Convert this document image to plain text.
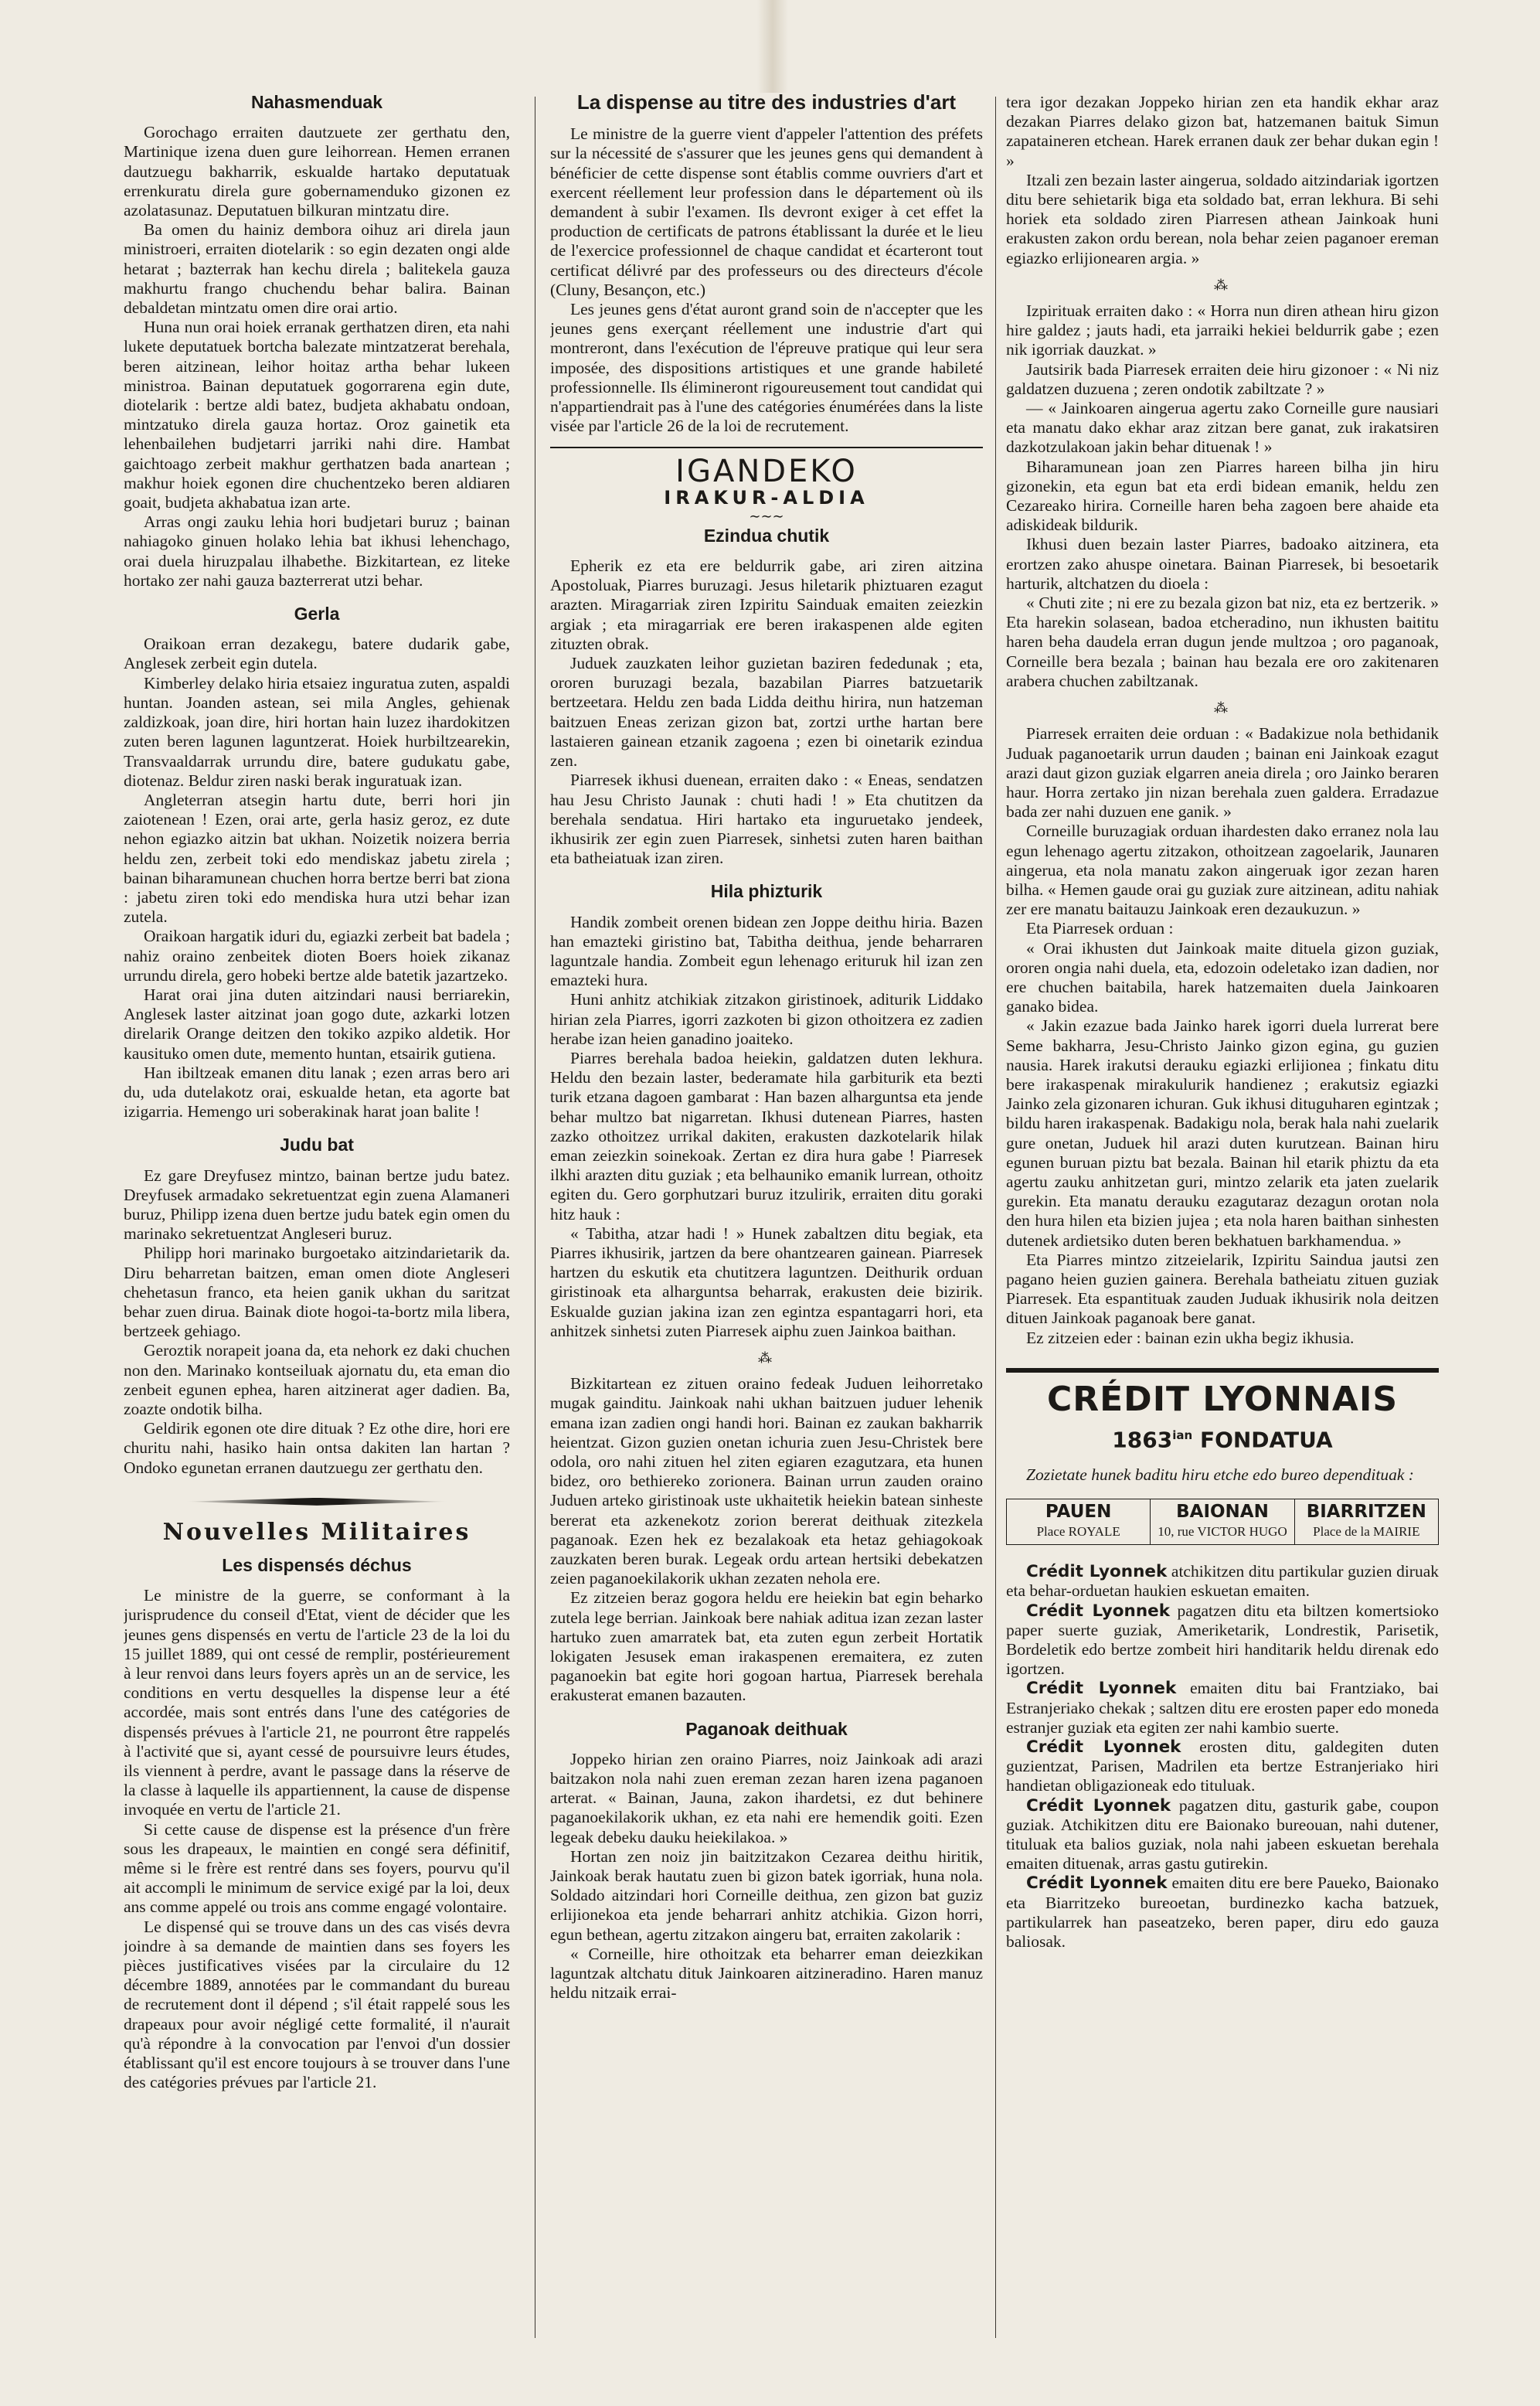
Nahasmenduak

Gorochago erraiten dautzuete zer gerthatu den, Martinique izena duen gure leihorrean. Hemen erranen dautzuegu bakharrik, eskualde hartako deputatuak errenkuratu direla gure gobernamenduko gizonen ez azolatasunaz. Deputatuen bilkuran mintzatu dire.

Ba omen du hainiz dembora oihuz ari direla jaun ministroeri, erraiten diotelarik : so egin dezaten ongi alde hetarat ; bazterrak han kechu direla ; balitekela gauza makhurtu frango chuchendu behar balira. Bainan debaldetan mintzatu omen dire orai artio.

Huna nun orai hoiek erranak gerthatzen diren, eta nahi lukete deputatuek bortcha balezate mintzatzerat berehala, beren aitzinean, leihor hoitaz artha behar lukeen ministroa. Bainan deputatuek gogorrarena egin dute, diotelarik : bertze aldi batez, budjeta akhabatu ondoan, mintzatuko direla gauza hortaz. Oroz gainetik eta lehenbailehen budjetarri jarriki nahi dire. Hambat gaichtoago zerbeit makhur gerthatzen bada anartean ; makhur hoiek egonen dire chuchentzeko beren aldiaren goait, budjeta akhabatua izan arte.

Arras ongi zauku lehia hori budjetari buruz ; bainan nahiagoko ginuen holako lehia bat ikhusi lehenchago, orai duela hiruzpalau ilhabethe. Bizkitartean, ez liteke hortako zer nahi gauza bazterrerat utzi behar.

Gerla

Oraikoan erran dezakegu, batere dudarik gabe, Anglesek zerbeit egin dutela.

Kimberley delako hiria etsaiez inguratua zuten, aspaldi huntan. Joanden astean, sei mila Angles, gehienak zaldizkoak, joan dire, hiri hortan hain luzez ihardokitzen zuten beren lagunen laguntzerat. Hoiek hurbiltzearekin, Transvaaldarrak urrundu dire, batere gudukatu gabe, diotenaz. Beldur ziren naski berak inguratuak izan.

Angleterran atsegin hartu dute, berri hori jin zaiotenean ! Ezen, orai arte, gerla hasiz geroz, ez dute nehon egiazko aitzin bat ukhan. Noizetik noizera berria heldu zen, zerbeit toki edo mendiskaz jabetu zirela ; bainan biharamunean chuchen horra bertze berri bat ziona : jabetu ziren toki edo mendiska hura utzi behar izan zutela.

Oraikoan hargatik iduri du, egiazki zerbeit bat badela ; nahiz oraino zenbeitek dioten Boers hoiek zikanaz urrundu direla, gero hobeki bertze alde batetik jazartzeko.

Harat orai jina duten aitzindari nausi berriarekin, Anglesek laster aitzinat joan gogo dute, azkarki lotzen direlarik Orange deitzen den tokiko azpiko aldetik. Hor kausituko omen dute, memento huntan, etsairik gutiena.

Han ibiltzeak emanen ditu lanak ; ezen arras bero ari du, uda dutelakotz orai, eskualde hetan, eta agorte bat izigarria. Hemengo uri soberakinak harat joan balite !

Judu bat

Ez gare Dreyfusez mintzo, bainan bertze judu batez. Dreyfusek armadako sekretuentzat egin zuena Alamaneri buruz, Philipp izena duen bertze judu batek egin omen du marinako sekretuentzat Angleseri buruz.

Philipp hori marinako burgoetako aitzindarietarik da. Diru beharretan baitzen, eman omen diote Angleseri chehetasun franco, eta heien ganik ukhan du saritzat behar zuen dirua. Bainak diote hogoi-ta-bortz mila libera, bertzeek gehiago.

Geroztik norapeit joana da, eta nehork ez daki chuchen non den. Marinako kontseiluak ajornatu du, eta eman dio zenbeit egunen ephea, haren aitzinerat ager dadien. Ba, zoazte ondotik bilha.

Geldirik egonen ote dire dituak ? Ez othe dire, hori ere churitu nahi, hasiko hain ontsa dakiten lan hartan ? Ondoko egunetan erranen dautzuegu zer gerthatu den.

Nouvelles Militaires
Les dispensés déchus

Le ministre de la guerre, se conformant à la jurisprudence du conseil d'Etat, vient de décider que les jeunes gens dispensés en vertu de l'article 23 de la loi du 15 juillet 1889, qui ont cessé de remplir, postérieurement à leur renvoi dans leurs foyers après un an de service, les conditions en vertu desquelles la dispense leur a été accordée, mais sont entrés dans l'une des catégories de dispensés prévues à l'article 21, ne pourront être rappelés à l'activité que si, ayant cessé de poursuivre leurs études, ils viennent à perdre, avant le passage dans la réserve de la classe à laquelle ils appartiennent, la cause de dispense invoquée en vertu de l'article 21.

Si cette cause de dispense est la présence d'un frère sous les drapeaux, le maintien en congé sera définitif, même si le frère est rentré dans ses foyers, pourvu qu'il ait accompli le minimum de service exigé par la loi, deux ans comme appelé ou trois ans comme engagé volontaire.

Le dispensé qui se trouve dans un des cas visés devra joindre à sa demande de maintien dans ses foyers les pièces justificatives visées par la circulaire du 12 décembre 1889, annotées par le commandant du bureau de recrutement dont il dépend ; s'il était rappelé sous les drapeaux pour avoir négligé cette formalité, il n'aurait qu'à répondre à la convocation par l'envoi d'un dossier établissant qu'il est encore toujours à se trouver dans l'une des catégories prévues par l'article 21.

La dispense au titre des industries d'art

Le ministre de la guerre vient d'appeler l'attention des préfets sur la nécessité de s'assurer que les jeunes gens qui demandent à bénéficier de cette dispense sont établis comme ouvriers d'art et exercent réellement leur profession dans le département où ils demandent à subir l'examen. Ils devront exiger à cet effet la production de certificats de patrons établissant la durée et le lieu de l'exercice professionnel de chaque candidat et écarteront tout certificat délivré par des professeurs ou des directeurs d'école (Cluny, Besançon, etc.)

Les jeunes gens d'état auront grand soin de n'accepter que les jeunes gens exerçant réellement une industrie d'art qui montreront, dans l'exécution de l'épreuve pratique qui leur sera imposée, des dispositions artistiques et une grande habileté professionnelle. Ils élimineront rigoureusement tout candidat qui n'appartiendrait pas à l'une des catégories énumérées dans la liste visée par l'article 26 de la loi de recrutement.

IGANDEKO
IRAKUR-ALDIA
∼∼∼
Ezindua chutik

Epherik ez eta ere beldurrik gabe, ari ziren aitzina Apostoluak, Piarres buruzagi. Jesus hiletarik phiztuaren ezagut arazten. Miragarriak ziren Izpiritu Sainduak emaiten zeiezkin argiak ; eta miragarriak ere beren irakaspenen alde egiten zituzten obrak.

Juduek zauzkaten leihor guzietan baziren fededunak ; eta, ororen buruzagi bezala, bazabilan Piarres batzuetarik bertzeetara. Heldu zen bada Lidda deithu hirira, nun hatzeman baitzuen Eneas zerizan gizon bat, zortzi urthe hartan bere lastaieren gainean etzanik zagoena ; ezen bi oinetarik ezindua zen.

Piarresek ikhusi duenean, erraiten dako : « Eneas, sendatzen hau Jesu Christo Jaunak : chuti hadi ! » Eta chutitzen da berehala sendatua. Hiri hartako eta inguruetako jendeek, ikhusirik zer egin zuen Piarresek, sinhetsi zuten haren baithan eta batheiatuak izan ziren.

Hila phizturik

Handik zombeit orenen bidean zen Joppe deithu hiria. Bazen han emazteki giristino bat, Tabitha deithua, jende beharraren laguntzale handia. Zombeit egun lehenago erituruk hil izan zen emazteki hura.

Huni anhitz atchikiak zitzakon giristinoek, aditurik Liddako hirian zela Piarres, igorri zazkoten bi gizon othoitzera ez zadien herabe izan heien ganadino joaiteko.

Piarres berehala badoa heiekin, galdatzen duten lekhura. Heldu den bezain laster, bederamate hila garbiturik eta bezti turik etzana dagoen gambarat : Han bazen alharguntsa eta jende behar multzo bat nigarretan. Ikhusi dutenean Piarres, hasten zazko othoitzez urrikal dakiten, erakusten dazkotelarik hilak eman zeiezkin soinekoak. Zertan ez dira hura gabe ! Piarresek ilkhi arazten ditu guziak ; eta belhauniko emanik lurrean, othoitz egiten du. Gero gorphutzari buruz itzulirik, erraiten ditu goraki hitz hauk :

« Tabitha, atzar hadi ! » Hunek zabaltzen ditu begiak, eta Piarres ikhusirik, jartzen da bere ohantzearen gainean. Piarresek hartzen du eskutik eta chutitzera laguntzen. Deithurik orduan giristinoak eta alharguntsa beharrak, erakusten deie bizirik. Eskualde guzian jakina izan zen egintza espantagarri hori, eta anhitzek sinhetsi zuten Piarresek aiphu zuen Jainkoa baithan.

⁂

Bizkitartean ez zituen oraino fedeak Juduen leihorretako mugak gainditu. Jainkoak nahi ukhan baitzuen juduer lehenik emana izan zadien ongi handi hori. Bainan ez zaukan bakharrik heientzat. Gizon guzien onetan ichuria zuen Jesu-Christek bere odola, oro nahi zituen hel ziten egiaren ezagutzara, eta hunen bidez, oro bethiereko zorionera. Bainan urrun zauden oraino Juduen arteko giristinoak uste ukhaitetik heiekin batean sinheste bererat eta azkenekotz zorion bererat deithuak zitezkela paganoak. Ezen hek ez bezalakoak eta hetaz gehiagokoak zauzkaten beren burak. Legeak ordu artean hertsiki debekatzen zeien paganoekilakorik ukhan zezaten nehola ere.

Ez zitzeien beraz gogora heldu ere heiekin bat egin beharko zutela lege berrian. Jainkoak bere nahiak aditua izan zezan laster hartuko zuen amarratek bat, eta zuten egun zerbeit Hortatik lokigaten Jesusek eman irakaspenen eremaitera, ez zuten paganoekin bat egite hori gogoan hartua, Piarresek berehala erakusterat emanen bazauten.

Paganoak deithuak

Joppeko hirian zen oraino Piarres, noiz Jainkoak adi arazi baitzakon nola nahi zuen ereman zezan haren izena paganoen arterat. « Bainan, Jauna, zakon ihardetsi, ez dut behinere paganoekilakorik ukhan, ez eta nahi ere hemendik goiti. Ezen legeak debeku dauku heiekilakoa. »

Hortan zen noiz jin baitzitzakon Cezarea deithu hiritik, Jainkoak berak hautatu zuen bi gizon batek igorriak, huna nola. Soldado aitzindari hori Corneille deithua, zen gizon bat guziz erlijionekoa eta jende beharrari anhitz atchikia. Gizon horri, egun bethean, agertu zitzakon aingeru bat, erraiten zakolarik :

« Corneille, hire othoitzak eta beharrer eman deiezkikan laguntzak altchatu dituk Jainkoaren aitzineradino. Haren manuz heldu nitzaik errai-

tera igor dezakan Joppeko hirian zen eta handik ekhar araz dezakan Piarres delako gizon bat, hatzemanen baituk Simun zapataineren etchean. Harek erranen dauk zer behar dukan egin ! »

Itzali zen bezain laster aingerua, soldado aitzindariak igortzen ditu bere sehietarik biga eta soldado bat, erran lekhura. Bi sehi horiek eta soldado ziren Piarresen athean Jainkoak huni erakusten zakon ordu berean, nola behar zeien paganoer ereman egiazko erlijionearen argia. »

⁂

Izpirituak erraiten dako : « Horra nun diren athean hiru gizon hire galdez ; jauts hadi, eta jarraiki hekiei beldurrik gabe ; ezen nik igorriak dauzkat. »

Jautsirik bada Piarresek erraiten deie hiru gizonoer : « Ni niz galdatzen duzuena ; zeren ondotik zabiltzate ? »

— « Jainkoaren aingerua agertu zako Corneille gure nausiari eta manatu dako ekhar araz zitzan bere ganat, zuk irakatsiren dazkotzulakoan jakin behar dituenak ! »

Biharamunean joan zen Piarres hareen bilha jin hiru gizonekin, eta egun bat eta erdi bidean emanik, heldu zen Cezareako hirira. Corneille haren beha zagoen bere ahaide eta adiskideak bildurik.

Ikhusi duen bezain laster Piarres, badoako aitzinera, eta erortzen zako ahuspe oinetara. Bainan Piarresek, bi besoetarik harturik, altchatzen du dioela :

« Chuti zite ; ni ere zu bezala gizon bat niz, eta ez bertzerik. » Eta harekin solasean, badoa etcheradino, nun ikhusten baititu haren beha daudela erran dugun jende multzoa ; oro paganoak, Corneille bera bezala ; bainan hau bezala ere oro zakitenaren arabera chuchen zabiltzanak.

⁂

Piarresek erraiten deie orduan : « Badakizue nola bethidanik Juduak paganoetarik urrun dauden ; bainan eni Jainkoak ezagut arazi daut gizon guziak elgarren aneia direla ; oro Jainko beraren haur. Horra zertako jin nizan berehala zuen galdera. Erradazue bada zer nahi duzuen ene ganik. »

Corneille buruzagiak orduan ihardesten dako erranez nola lau egun lehenago agertu zitzakon, othoitzean zagoelarik, Jaunaren aingerua, eta nola manatu zakon aingeruak igor zezan haren bilha. « Hemen gaude orai gu guziak zure aitzinean, aditu nahiak zer ere manatu baitauzu Jainkoak eren dezaukuzun. »

Eta Piarresek orduan :

« Orai ikhusten dut Jainkoak maite dituela gizon guziak, ororen ongia nahi duela, eta, edozoin odeletako izan dadien, nor ere chuchen baitabila, harek hatzemaiten duela Jainkoaren ganako bidea.

« Jakin ezazue bada Jainko harek igorri duela lurrerat bere Seme bakharra, Jesu-Christo Jainko gizon egina, gu guzien nausia. Harek irakutsi derauku egiazki erlijionea ; finkatu ditu bere irakaspenak mirakulurik handienez ; erakutsiz egiazki Jainko zela gizonaren ichuran. Guk ikhusi dituguharen egintzak ; bildu haren irakaspenak. Badakigu nola, berak hala nahi zuelarik gure onetan, Juduek hil arazi duten kurutzean. Bainan hiru egunen buruan piztu bat bezala. Bainan hil etarik phiztu da eta agertu zauku anhitzetan guri, mintzo zelarik eta jaten zuelarik gurekin. Eta manatu derauku ezagutaraz dezagun orotan nola den hura hilen eta bizien jujea ; eta nola haren baithan sinhesten dutenek ardietsiko duten beren bekhatuen barkhamendua. »

Eta Piarres mintzo zitzeielarik, Izpiritu Saindua jautsi zen pagano heien guzien gainera. Berehala batheiatu zituen guziak Piarresek. Eta espantituak zauden Juduak ikhusirik nola deitzen dituen Jainkoak paganoak bere ganat.

Ez zitzeien eder : bainan ezin ukha begiz ikhusia.

CRÉDIT LYONNAIS
$1863^{ian}$ FONDATUA

Zozietate hunek baditu hiru etche edo bureo dependituak :

PAUEN
Place ROYALE
BAIONAN
10, rue VICTOR HUGO
BIARRITZEN
Place de la MAIRIE

Crédit Lyonnek atchikitzen ditu partikular guzien diruak eta behar-orduetan haukien eskuetan emaiten.

Crédit Lyonnek pagatzen ditu eta biltzen komertsioko paper suerte guziak, Ameriketarik, Londrestik, Parisetik, Bordeletik edo bertze zombeit hiri handitarik heldu direnak edo igortzen.

Crédit Lyonnek emaiten ditu bai Frantziako, bai Estranjeriako chekak ; saltzen ditu ere erosten paper edo moneda estranjer guziak eta egiten zer nahi kambio suerte.

Crédit Lyonnek erosten ditu, galdegiten duten guzientzat, Parisen, Madrilen eta bertze Estranjeriako hiri handietan obligazioneak edo tituluak.

Crédit Lyonnek pagatzen ditu, gasturik gabe, coupon guziak. Atchikitzen ditu ere Baionako bureouan, nahi dutener, tituluak eta balios guziak, nola nahi jabeen eskuetan berehala emaiten dituenak, arras gastu gutirekin.

Crédit Lyonnek emaiten ditu ere bere Paueko, Baionako eta Biarritzeko bureoetan, burdinezko kacha batzuek, partikularrek han paseatzeko, beren paper, diru edo gauza baliosak.
